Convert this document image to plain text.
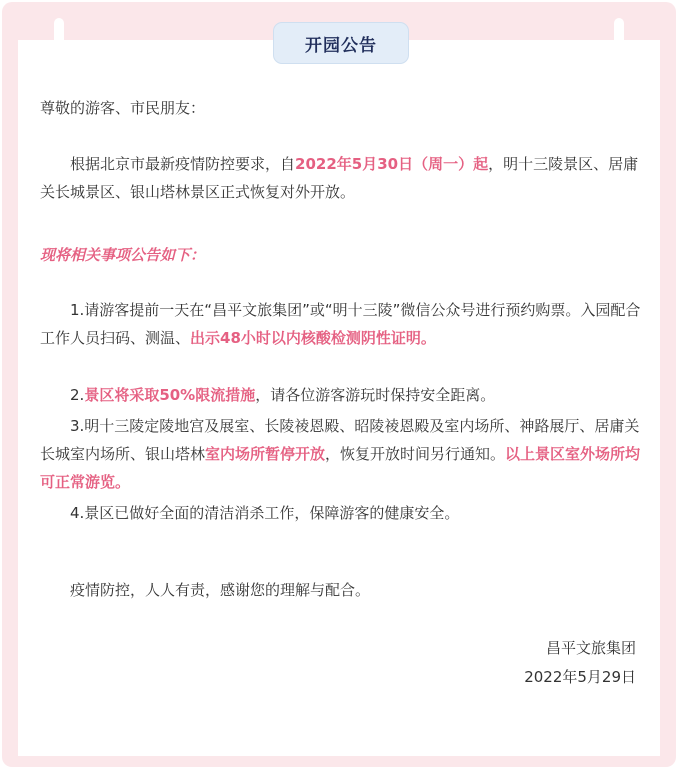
开园公告
尊敬的游客、市民朋友：
根据北京市最新疫情防控要求，自2022年5月30日（周一）起，明十三陵景区、居庸关长城景区、银山塔林景区正式恢复对外开放。
现将相关事项公告如下：
1.请游客提前一天在“昌平文旅集团”或“明十三陵”微信公众号进行预约购票。入园配合工作人员扫码、测温、出示48小时以内核酸检测阴性证明。
2.景区将采取50%限流措施，请各位游客游玩时保持安全距离。
3.明十三陵定陵地宫及展室、长陵祾恩殿、昭陵祾恩殿及室内场所、神路展厅、居庸关长城室内场所、银山塔林室内场所暂停开放，恢复开放时间另行通知。以上景区室外场所均可正常游览。
4.景区已做好全面的清洁消杀工作，保障游客的健康安全。
疫情防控，人人有责，感谢您的理解与配合。
昌平文旅集团
2022年5月29日
